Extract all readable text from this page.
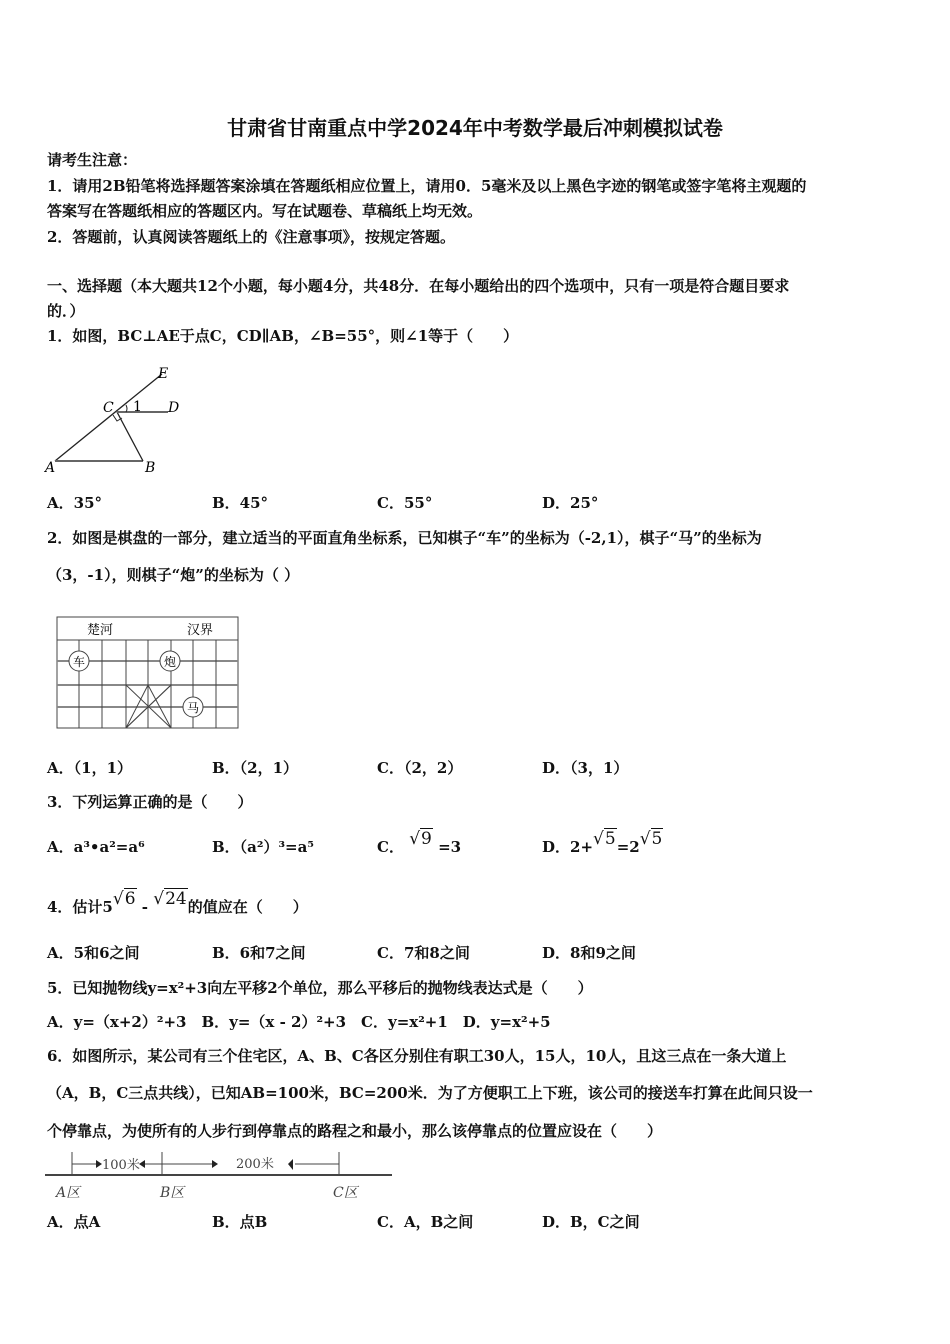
甘肃省甘南重点中学2024年中考数学最后冲刺模拟试卷
请考生注意：
1．请用2B铅笔将选择题答案涂填在答题纸相应位置上，请用0．5毫米及以上黑色字迹的钢笔或签字笔将主观题的
答案写在答题纸相应的答题区内。写在试题卷、草稿纸上均无效。
2．答题前，认真阅读答题纸上的《注意事项》，按规定答题。
一、选择题（本大题共12个小题，每小题4分，共48分．在每小题给出的四个选项中，只有一项是符合题目要求
的．）
1．如图，BC⊥AE于点C，CD∥AB，∠B=55°，则∠1等于（　　）
E
C 1 D
A	B
A．35°	B．45°	C．55°	D．25°
2．如图是棋盘的一部分，建立适当的平面直角坐标系，已知棋子“车”的坐标为（-2,1），棋子“马”的坐标为
（3，-1），则棋子“炮”的坐标为（ ）
楚河	汉界
车	炮
马
A．（1，1）	B．（2，1）	C．（2，2）	D．（3，1）
3．下列运算正确的是（　　）
A．a³•a²=a⁶	B．（a²）³=a⁵	C． √9 =3	D．2+√5=2√5
4．估计5√6 - √24的值应在（　　）
A．5和6之间	B．6和7之间	C．7和8之间	D．8和9之间
5．已知抛物线y=x²+3向左平移2个单位，那么平移后的抛物线表达式是（　　）
A．y=（x+2）²+3　B．y=（x - 2）²+3　C．y=x²+1　D．y=x²+5
6．如图所示，某公司有三个住宅区，A、B、C各区分别住有职工30人，15人，10人，且这三点在一条大道上
（A，B，C三点共线），已知AB=100米，BC=200米．为了方便职工上下班，该公司的接送车打算在此间只设一
个停靠点，为使所有的人步行到停靠点的路程之和最小，那么该停靠点的位置应设在（　　）
100米	200米
A区	B区	C区
A．点A	B．点B	C．A，B之间	D．B，C之间
